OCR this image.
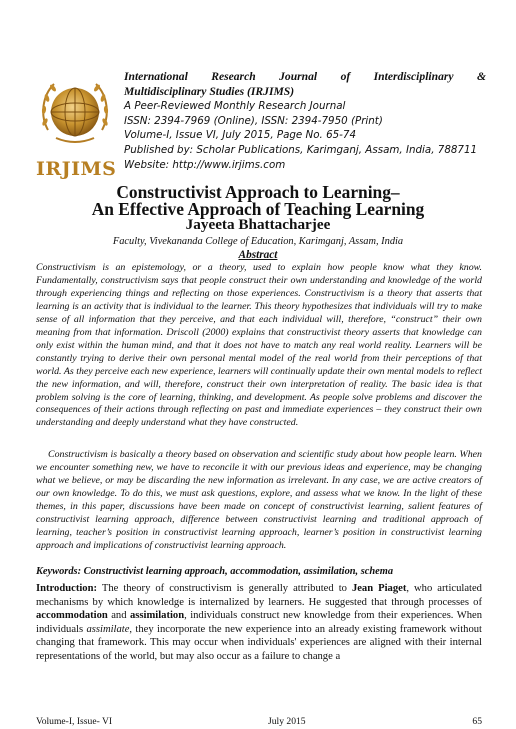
IRJIMS
International Research Journal of Interdisciplinary &
Multidisciplinary Studies (IRJIMS)
A Peer-Reviewed Monthly Research Journal
ISSN: 2394-7969 (Online), ISSN: 2394-7950 (Print)
Volume-I, Issue VI, July 2015, Page No. 65-74
Published by: Scholar Publications, Karimganj, Assam, India, 788711
Website: http://www.irjims.com
Constructivist Approach to Learning–
An Effective Approach of Teaching Learning
Jayeeta Bhattacharjee
Faculty, Vivekananda College of Education, Karimganj, Assam, India
Abstract

Constructivism is an epistemology, or a theory, used to explain how people know what they know. Fundamentally, constructivism says that people construct their own understanding and knowledge of the world through experiencing things and reflecting on those experiences. Constructivism is a theory that asserts that learning is an activity that is individual to the learner. This theory hypothesizes that individuals will try to make sense of all information that they perceive, and that each individual will, therefore, “construct” their own meaning from that information. Driscoll (2000) explains that constructivist theory asserts that knowledge can only exist within the human mind, and that it does not have to match any real world reality. Learners will be constantly trying to derive their own personal mental model of the real world from their perceptions of that world. As they perceive each new experience, learners will continually update their own mental models to reflect the new information, and will, therefore, construct their own interpretation of reality. The basic idea is that problem solving is the core of learning, thinking, and development. As people solve problems and discover the consequences of their actions through reflecting on past and immediate experiences – they construct their own understanding and deeply understand what they have constructed.

Constructivism is basically a theory based on observation and scientific study about how people learn. When we encounter something new, we have to reconcile it with our previous ideas and experience, may be changing what we believe, or may be discarding the new information as irrelevant. In any case, we are active creators of our own knowledge. To do this, we must ask questions, explore, and assess what we know. In the light of these themes, in this paper, discussions have been made on concept of constructivist learning, salient features of constructivist learning approach, difference between constructivist learning and traditional approach of learning, teacher’s position in constructivist learning approach, learner’s position in constructivist learning approach and implications of constructivist learning approach.

Keywords: Constructivist learning approach, accommodation, assimilation, schema

Introduction: The theory of constructivism is generally attributed to Jean Piaget, who articulated mechanisms by which knowledge is internalized by learners. He suggested that through processes of accommodation and assimilation, individuals construct new knowledge from their experiences. When individuals assimilate, they incorporate the new experience into an already existing framework without changing that framework. This may occur when individuals' experiences are aligned with their internal representations of the world, but may also occur as a failure to change a

Volume-I, Issue- VI	July 2015	65
